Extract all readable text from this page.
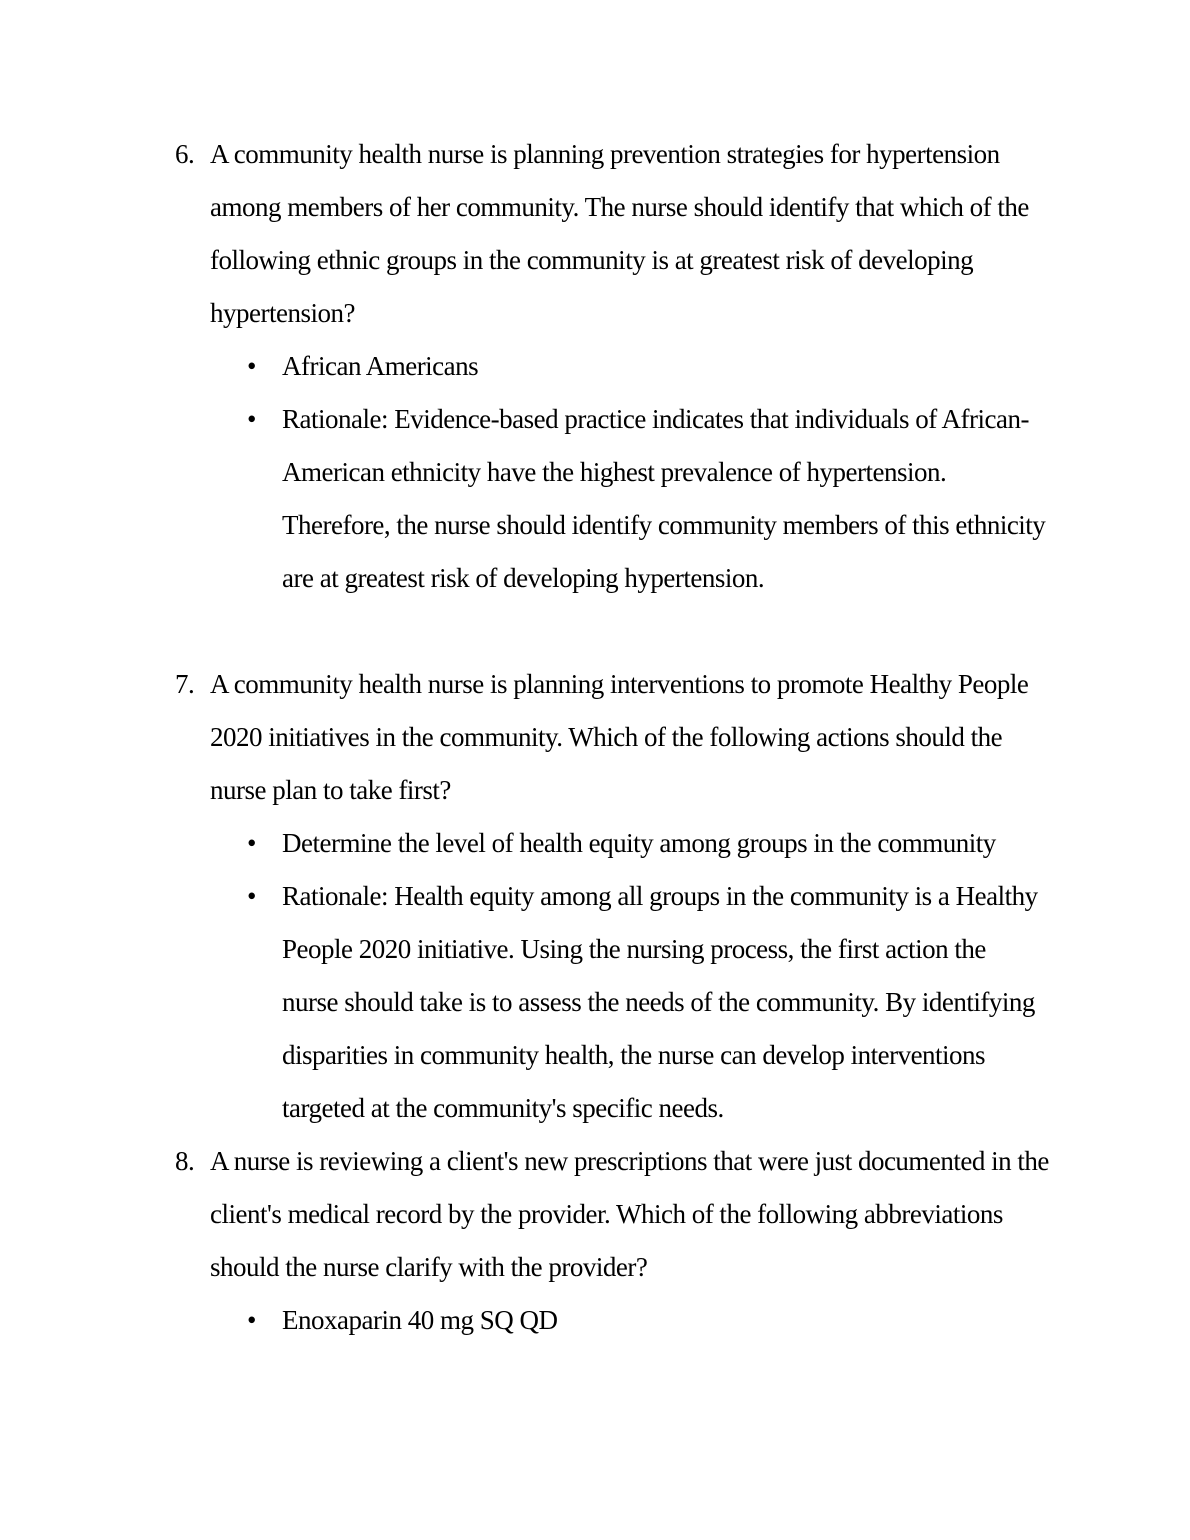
6. A community health nurse is planning prevention strategies for hypertension
among members of her community. The nurse should identify that which of the
following ethnic groups in the community is at greatest risk of developing
hypertension?
• African Americans
• Rationale: Evidence-based practice indicates that individuals of African-
American ethnicity have the highest prevalence of hypertension.
Therefore, the nurse should identify community members of this ethnicity
are at greatest risk of developing hypertension.
7. A community health nurse is planning interventions to promote Healthy People
2020 initiatives in the community. Which of the following actions should the
nurse plan to take first?
• Determine the level of health equity among groups in the community
• Rationale: Health equity among all groups in the community is a Healthy
People 2020 initiative. Using the nursing process, the first action the
nurse should take is to assess the needs of the community. By identifying
disparities in community health, the nurse can develop interventions
targeted at the community's specific needs.
8. A nurse is reviewing a client's new prescriptions that were just documented in the
client's medical record by the provider. Which of the following abbreviations
should the nurse clarify with the provider?
• Enoxaparin 40 mg SQ QD
